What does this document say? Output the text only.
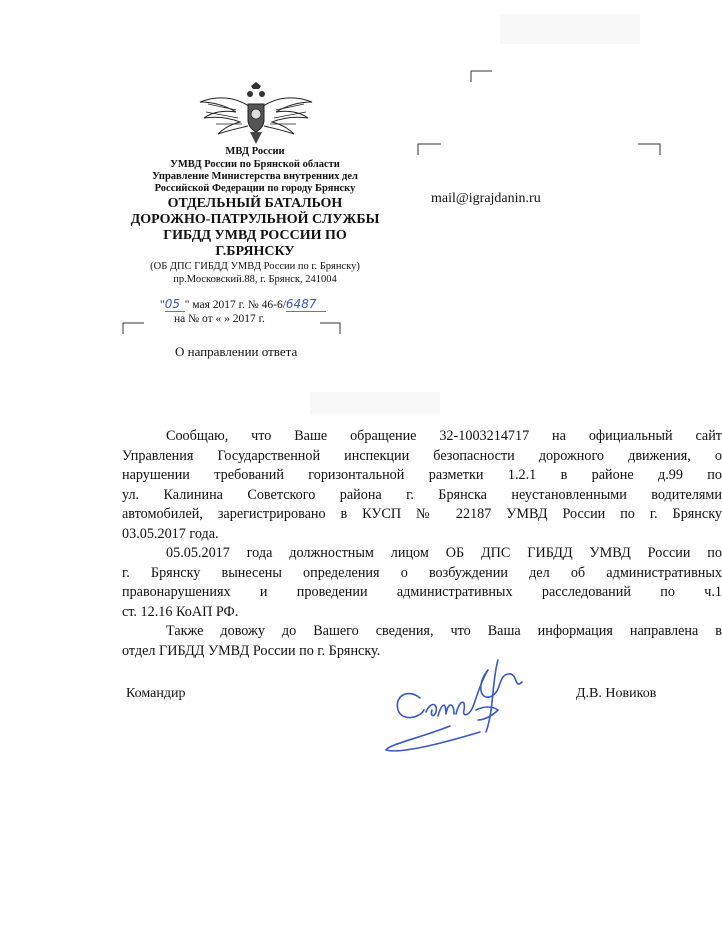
МВД России
УМВД России по Брянской области
Управление Министерства внутренних дел
Российской Федерации по городу Брянску
ОТДЕЛЬНЫЙ БАТАЛЬОН
ДОРОЖНО-ПАТРУЛЬНОЙ СЛУЖБЫ
ГИБДД УМВД РОССИИ ПО
Г.БРЯНСКУ
(ОБ ДПС ГИБДД УМВД России по г. Брянску)
пр.Московский.88, г. Брянск, 241004
mail@igrajdanin.ru
"05 " мая 2017 г. № 46-6/6487
на № от « » 2017 г.
О направлении ответа
Сообщаю, что Ваше обращение 32-1003214717 на официальный сайт
Управления Государственной инспекции безопасности дорожного движения, о
нарушении требований горизонтальной разметки 1.2.1 в районе д.99 по
ул. Калинина Советского района г. Брянска неустановленными водителями
автомобилей, зарегистрировано в КУСП № 22187 УМВД России по г. Брянску
03.05.2017 года.
05.05.2017 года должностным лицом ОБ ДПС ГИБДД УМВД России по
г. Брянску вынесены определения о возбуждении дел об административных
правонарушениях и проведении административных расследований по ч.1
ст. 12.16 КоАП РФ.
Также довожу до Вашего сведения, что Ваша информация направлена в
отдел ГИБДД УМВД России по г. Брянску.
Командир	Д.В. Новиков
